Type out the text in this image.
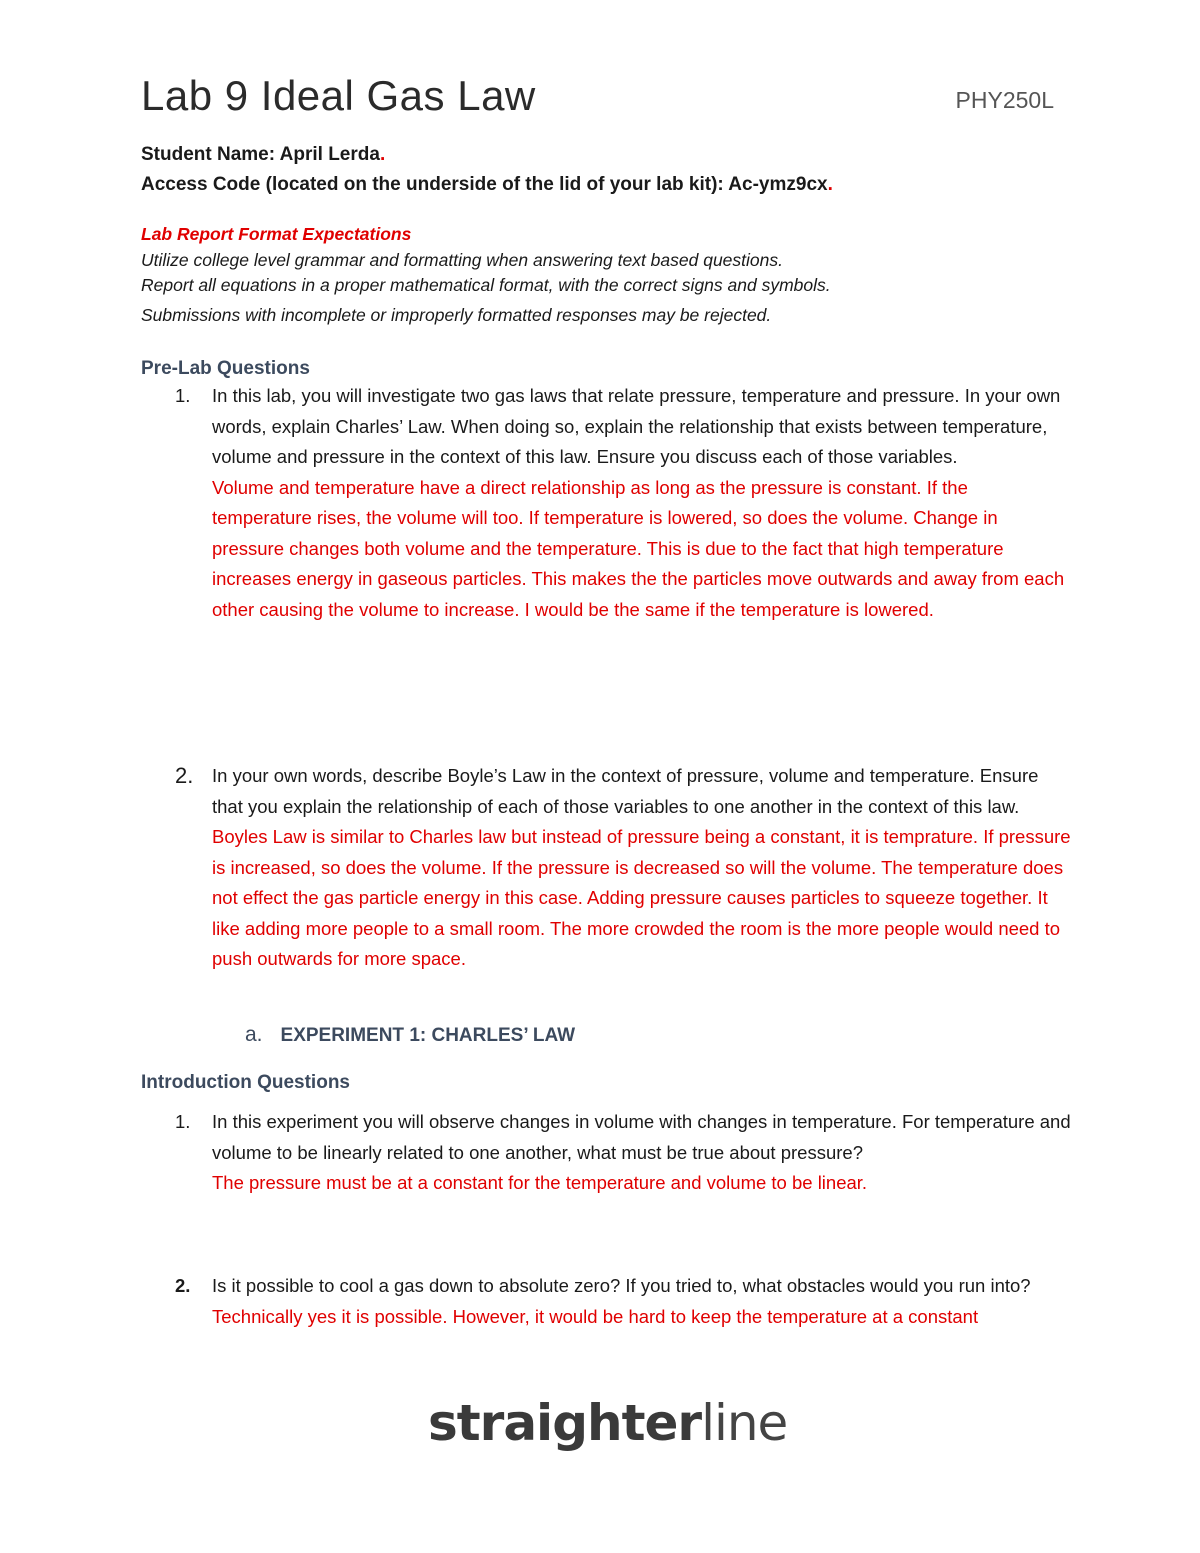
Lab 9 Ideal Gas Law	PHY250L
Student Name: April Lerda.
Access Code (located on the underside of the lid of your lab kit): Ac-ymz9cx.
Lab Report Format Expectations
Utilize college level grammar and formatting when answering text based questions.
Report all equations in a proper mathematical format, with the correct signs and symbols.
Submissions with incomplete or improperly formatted responses may be rejected.
Pre-Lab Questions
1. In this lab, you will investigate two gas laws that relate pressure, temperature and pressure. In your own words, explain Charles’ Law. When doing so, explain the relationship that exists between temperature, volume and pressure in the context of this law. Ensure you discuss each of those variables.
Volume and temperature have a direct relationship as long as the pressure is constant. If the temperature rises, the volume will too. If temperature is lowered, so does the volume. Change in pressure changes both volume and the temperature. This is due to the fact that high temperature increases energy in gaseous particles. This makes the the particles move outwards and away from each other causing the volume to increase. I would be the same if the temperature is lowered.
2. In your own words, describe Boyle’s Law in the context of pressure, volume and temperature. Ensure that you explain the relationship of each of those variables to one another in the context of this law.
Boyles Law is similar to Charles law but instead of pressure being a constant, it is temprature. If pressure is increased, so does the volume. If the pressure is decreased so will the volume. The temperature does not effect the gas particle energy in this case. Adding pressure causes particles to squeeze together. It like adding more people to a small room. The more crowded the room is the more people would need to push outwards for more space.
a. EXPERIMENT 1: CHARLES’ LAW
Introduction Questions
1. In this experiment you will observe changes in volume with changes in temperature. For temperature and volume to be linearly related to one another, what must be true about pressure?
The pressure must be at a constant for the temperature and volume to be linear.
2. Is it possible to cool a gas down to absolute zero? If you tried to, what obstacles would you run into?
Technically yes it is possible. However, it would be hard to keep the temperature at a constant
straighterline
